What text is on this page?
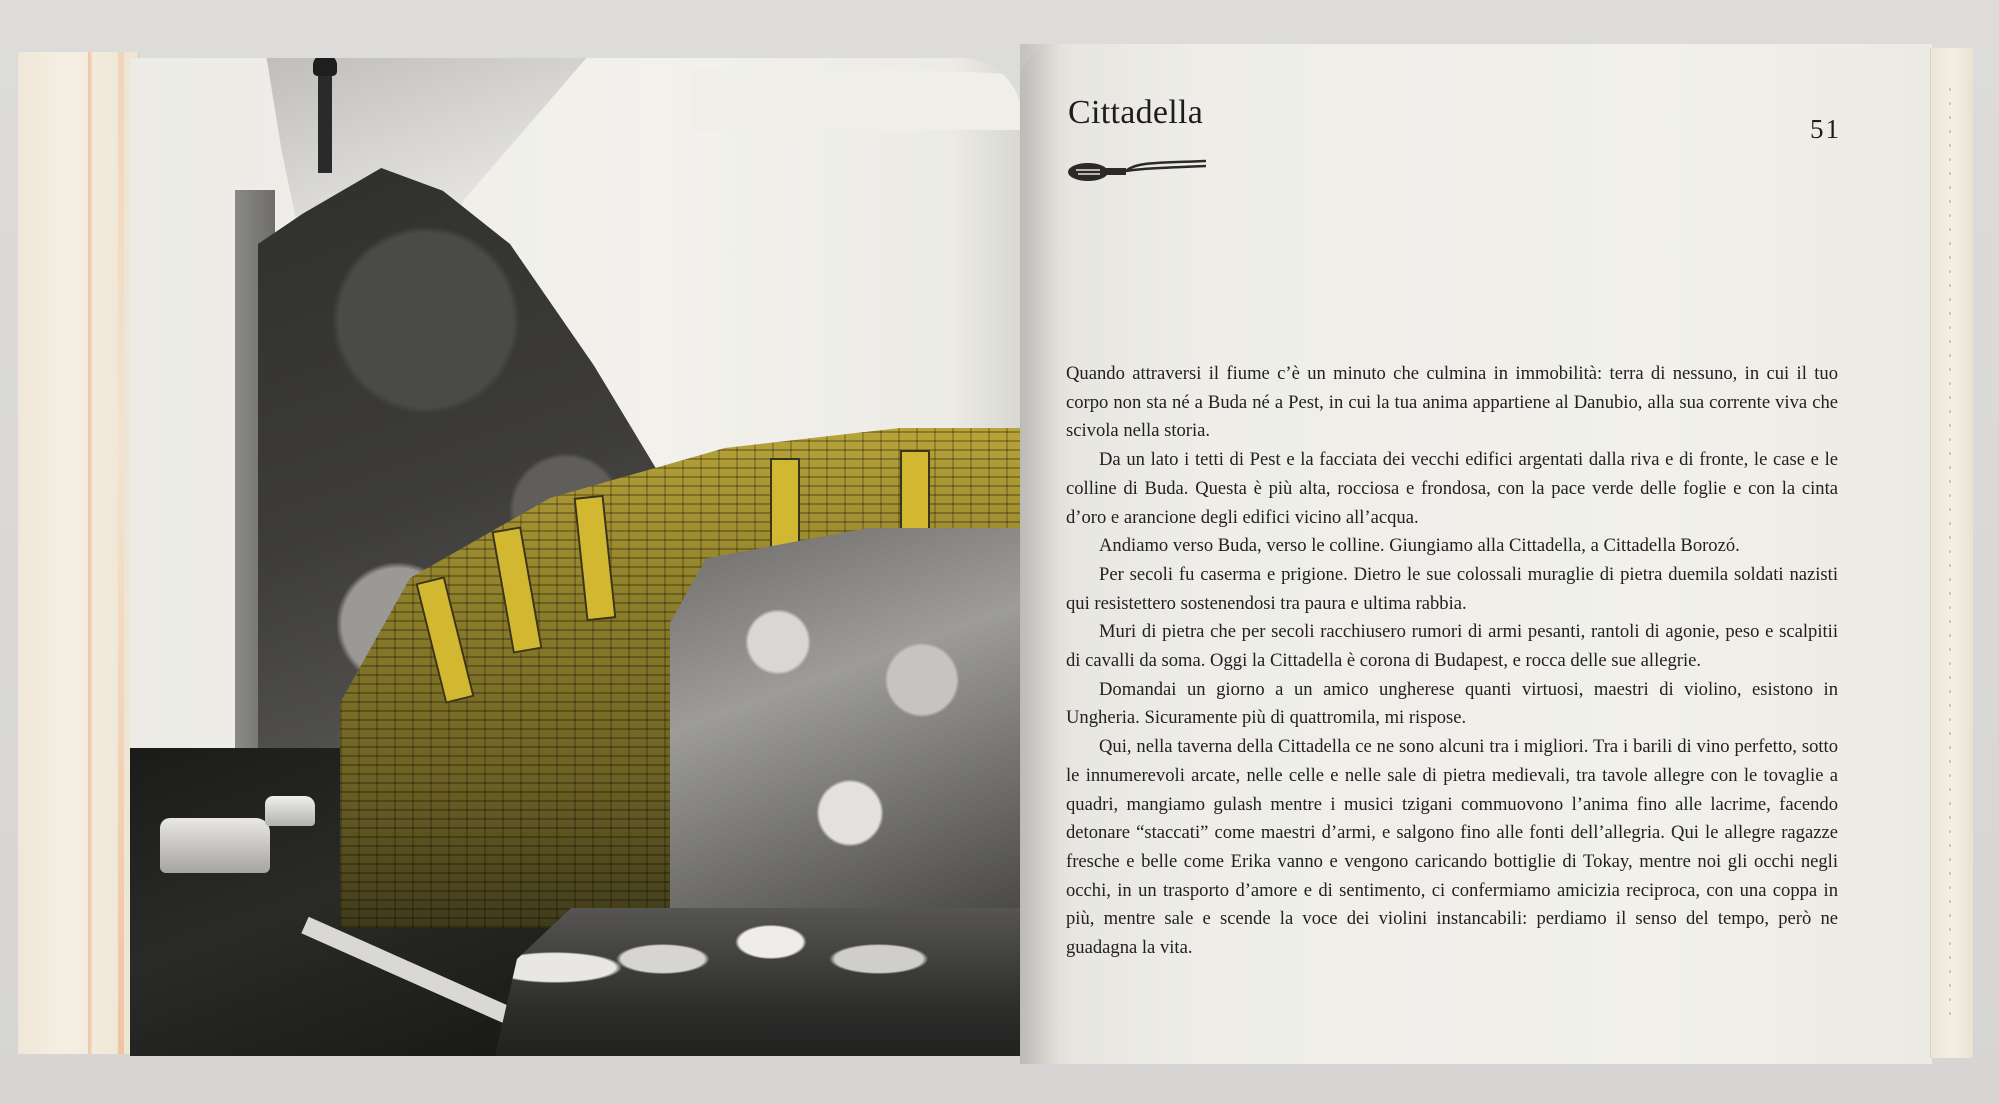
Cittadella	51

Quando attraversi il fiume c’è un minuto che culmina in immobilità: terra di nessuno, in cui il tuo corpo non sta né a Buda né a Pest, in cui la tua anima appartiene al Danubio, alla sua corrente viva che scivola nella storia.

Da un lato i tetti di Pest e la facciata dei vecchi edifici argentati dalla riva e di fronte, le case e le colline di Buda. Questa è più alta, rocciosa e frondosa, con la pace verde delle foglie e con la cinta d’oro e arancione degli edifici vicino all’acqua.

Andiamo verso Buda, verso le colline. Giungiamo alla Cittadella, a Cittadella Borozó.

Per secoli fu caserma e prigione. Dietro le sue colossali muraglie di pietra duemila soldati nazisti qui resistettero sostenendosi tra paura e ultima rabbia.

Muri di pietra che per secoli racchiusero rumori di armi pesanti, rantoli di agonie, peso e scalpitii di cavalli da soma. Oggi la Cittadella è corona di Budapest, e rocca delle sue allegrie.

Domandai un giorno a un amico ungherese quanti virtuosi, maestri di violino, esistono in Ungheria. Sicuramente più di quattromila, mi rispose.

Qui, nella taverna della Cittadella ce ne sono alcuni tra i migliori. Tra i barili di vino perfetto, sotto le innumerevoli arcate, nelle celle e nelle sale di pietra medievali, tra tavole allegre con le tovaglie a quadri, mangiamo gulash mentre i musici tzigani commuovono l’anima fino alle lacrime, facendo detonare “staccati” come maestri d’armi, e salgono fino alle fonti dell’allegria. Qui le allegre ragazze fresche e belle come Erika vanno e vengono caricando bottiglie di Tokay, mentre noi gli occhi negli occhi, in un trasporto d’amore e di sentimento, ci confermiamo amicizia reciproca, con una coppa in più, mentre sale e scende la voce dei violini instancabili: perdiamo il senso del tempo, però ne guadagna la vita.
